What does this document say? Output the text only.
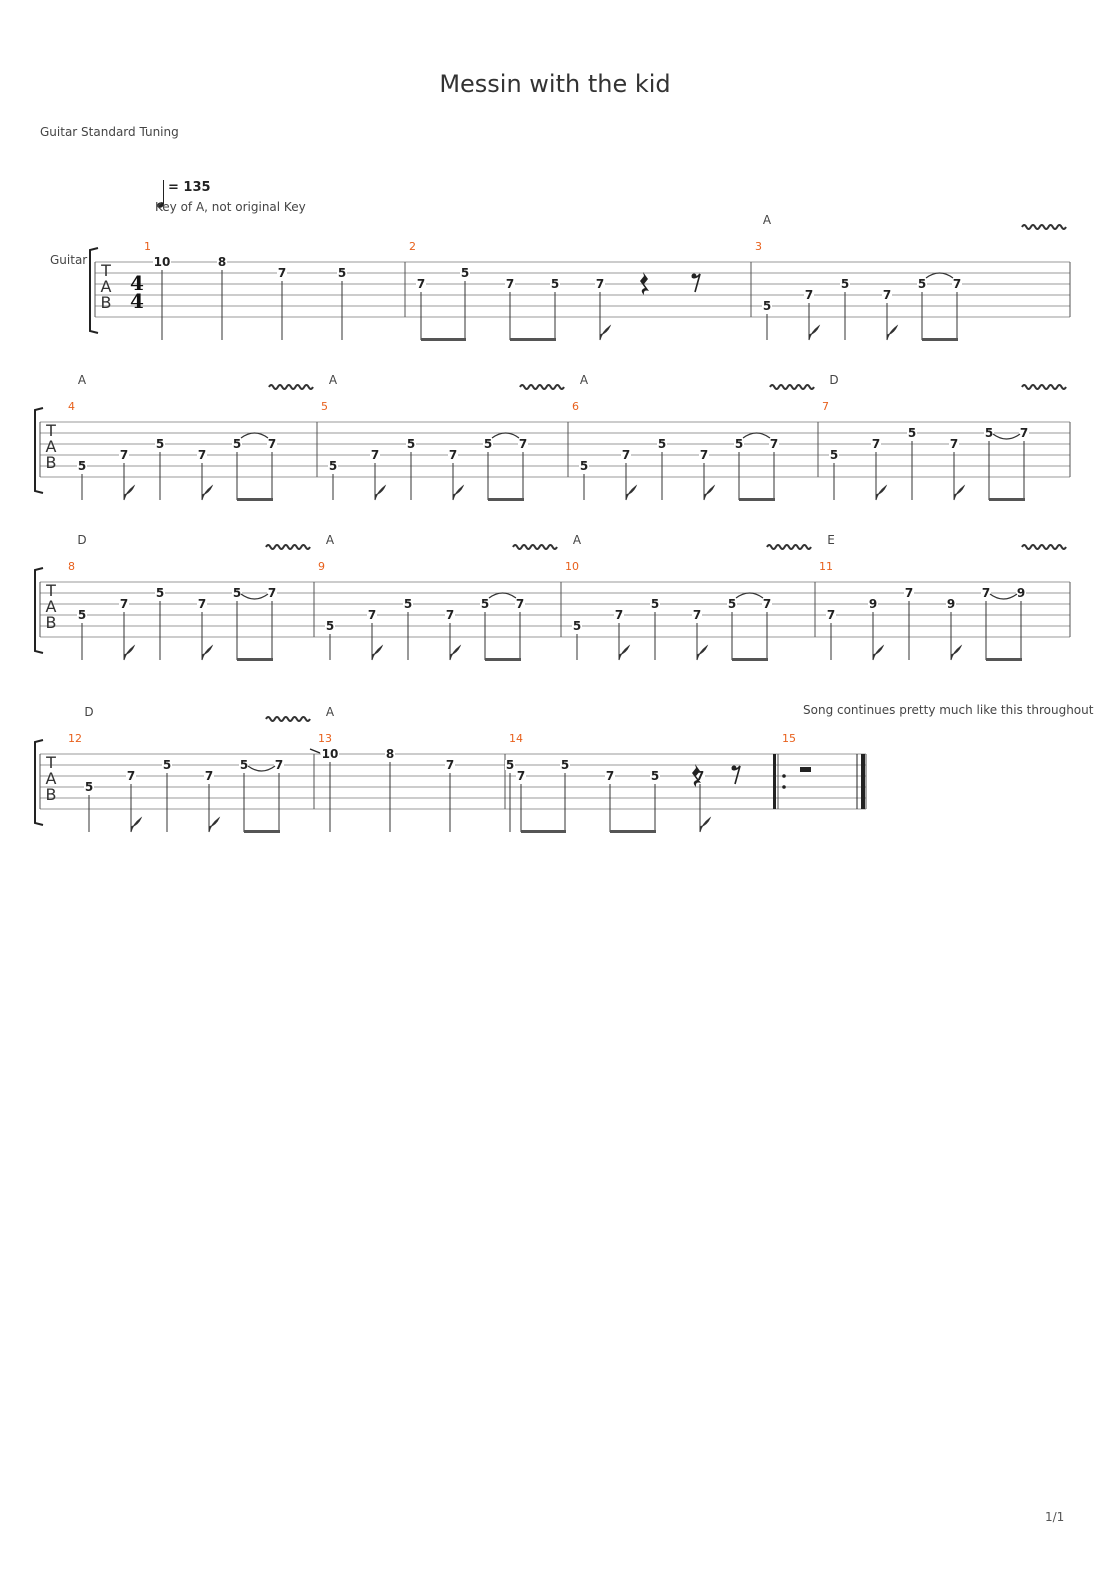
Messin with the kid
Guitar Standard Tuning
= 135
Key of A, not original Key
Song continues pretty much like this throughout
Guitar
1/1
T
A
B
4
4
1
10	8
7	5
2
7
5
7	5	7
3
A
5
7
5
7
5 7
T
A
B
4
A
5
7
5
7
5 7
5
A
5
7
5
7
5 7
6
A
5
7
5
7
5 7
7
D
5
7
5
7
5 7
T
A
B
8
D
5
7
5
7
5 7
9
A
5
7
5
7
5 7
10
A
5
7
5
7
5 7
11
E
7
9
7
9
7 9
T
A
B
12
D
5
7
5
7
5 7
13
A
10	8
7	5
14
7
5
7	5	7
15
